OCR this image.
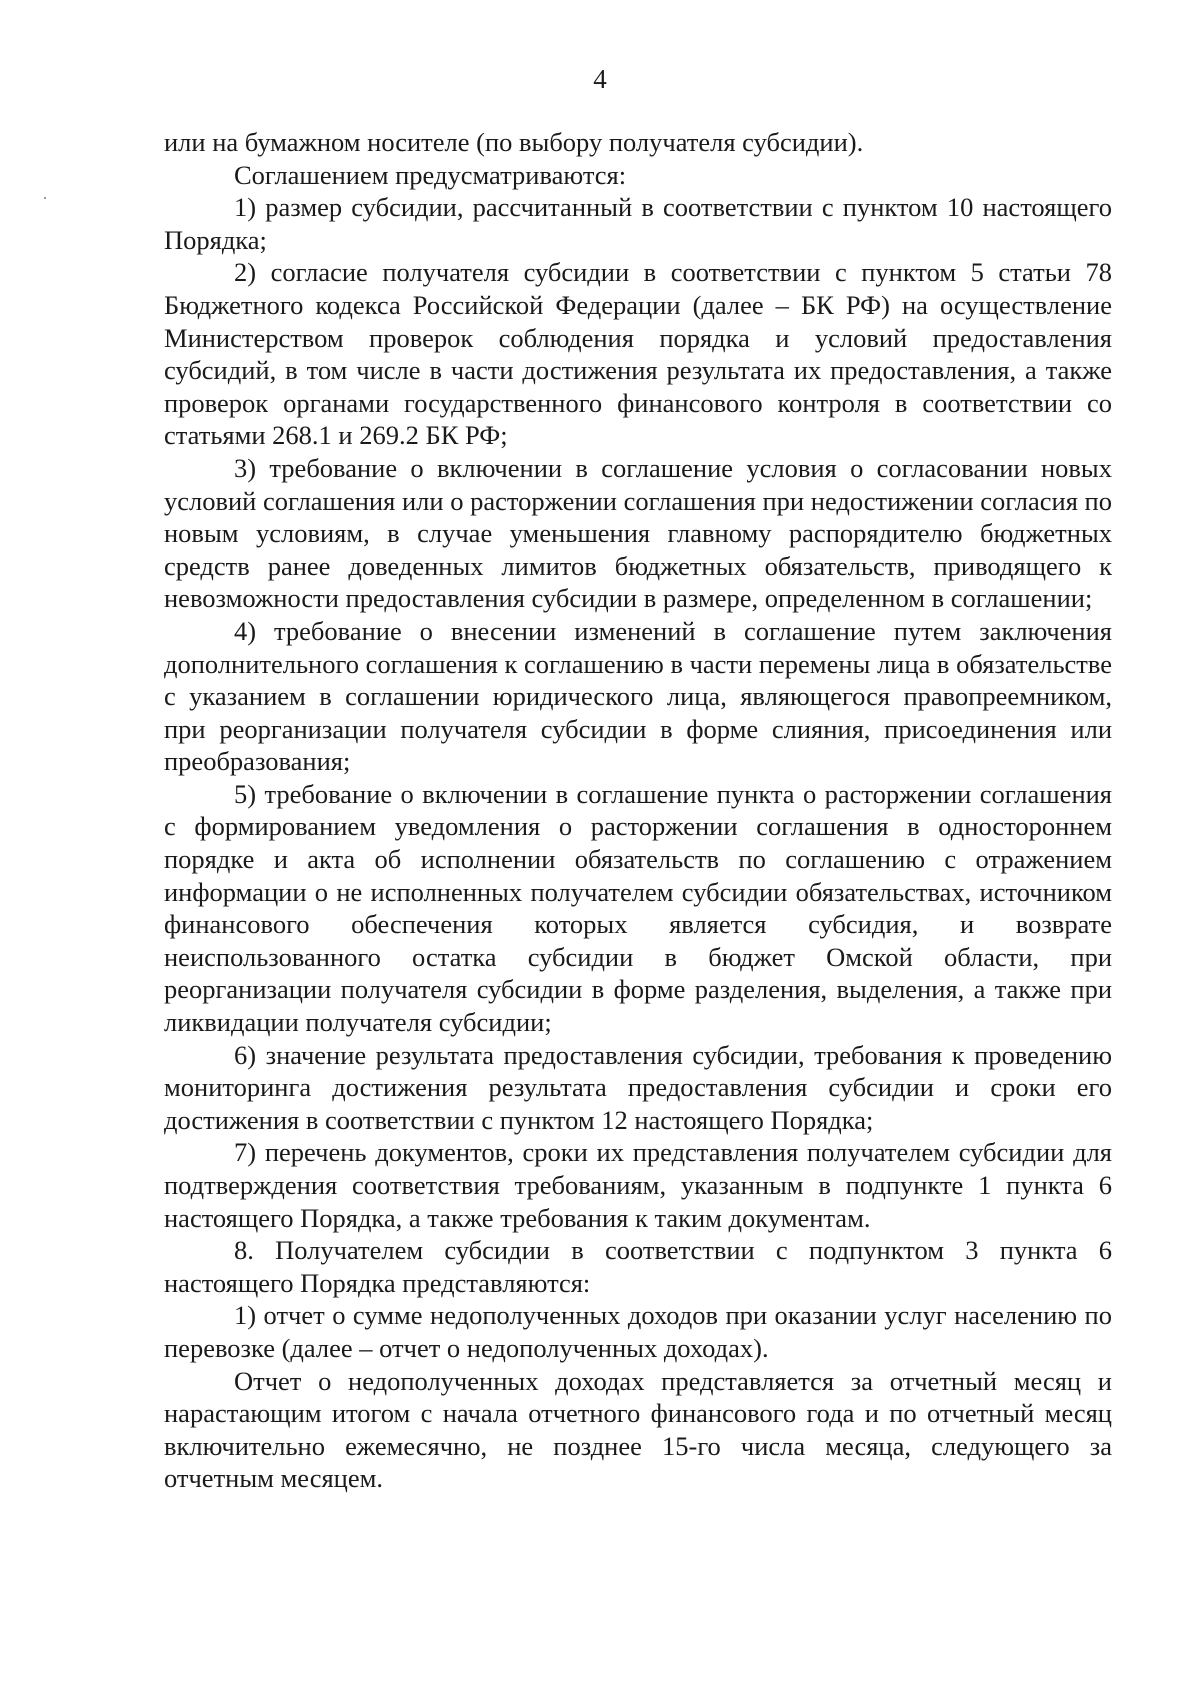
4

или на бумажном носителе (по выбору получателя субсидии).

Соглашением предусматриваются:

1) размер субсидии, рассчитанный в соответствии с пунктом 10 настоящего Порядка;

2) согласие получателя субсидии в соответствии с пунктом 5 статьи 78 Бюджетного кодекса Российской Федерации (далее – БК РФ) на осуществление Министерством проверок соблюдения порядка и условий предоставления субсидий, в том числе в части достижения результата их предоставления, а также проверок органами государственного финансового контроля в соответствии со статьями 268.1 и 269.2 БК РФ;

3) требование о включении в соглашение условия о согласовании новых условий соглашения или о расторжении соглашения при недостижении согласия по новым условиям, в случае уменьшения главному распорядителю бюджетных средств ранее доведенных лимитов бюджетных обязательств, приводящего к невозможности предоставления субсидии в размере, определенном в соглашении;

4) требование о внесении изменений в соглашение путем заключения дополнительного соглашения к соглашению в части перемены лица в обязательстве с указанием в соглашении юридического лица, являющегося правопреемником, при реорганизации получателя субсидии в форме слияния, присоединения или преобразования;

5) требование о включении в соглашение пункта о расторжении соглашения с формированием уведомления о расторжении соглашения в одностороннем порядке и акта об исполнении обязательств по соглашению с отражением информации о не исполненных получателем субсидии обязательствах, источником финансового обеспечения которых является субсидия, и возврате неиспользованного остатка субсидии в бюджет Омской области, при реорганизации получателя субсидии в форме разделения, выделения, а также при ликвидации получателя субсидии;

6) значение результата предоставления субсидии, требования к проведению мониторинга достижения результата предоставления субсидии и сроки его достижения в соответствии с пунктом 12 настоящего Порядка;

7) перечень документов, сроки их представления получателем субсидии для подтверждения соответствия требованиям, указанным в подпункте 1 пункта 6 настоящего Порядка, а также требования к таким документам.

8. Получателем субсидии в соответствии с подпунктом 3 пункта 6 настоящего Порядка представляются:

1) отчет о сумме недополученных доходов при оказании услуг населению по перевозке (далее – отчет о недополученных доходах).

Отчет о недополученных доходах представляется за отчетный месяц и нарастающим итогом с начала отчетного финансового года и по отчетный месяц включительно ежемесячно, не позднее 15-го числа месяца, следующего за отчетным месяцем.
